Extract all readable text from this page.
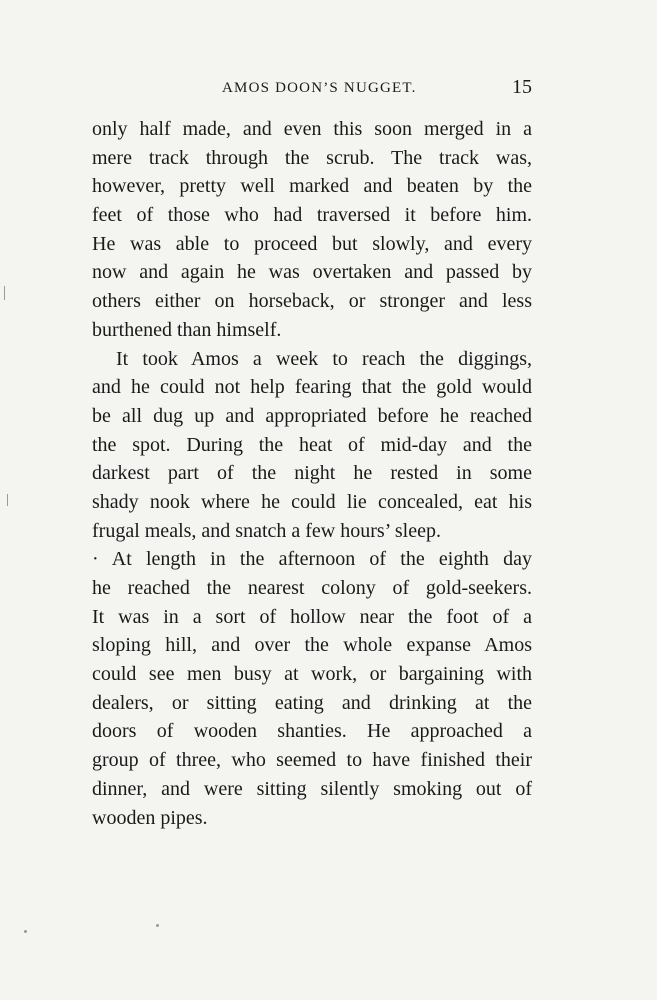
AMOS DOON’S NUGGET.	15
only half made, and even this soon merged in a
mere track through the scrub. The track was,
however, pretty well marked and beaten by the
feet of those who had traversed it before him.
He was able to proceed but slowly, and every
now and again he was overtaken and passed by
others either on horseback, or stronger and less
burthened than himself.
It took Amos a week to reach the diggings,
and he could not help fearing that the gold would
be all dug up and appropriated before he reached
the spot. During the heat of mid-day and the
darkest part of the night he rested in some
shady nook where he could lie concealed, eat his
frugal meals, and snatch a few hours’ sleep.
· At length in the afternoon of the eighth day
he reached the nearest colony of gold-seekers.
It was in a sort of hollow near the foot of a
sloping hill, and over the whole expanse Amos
could see men busy at work, or bargaining with
dealers, or sitting eating and drinking at the
doors of wooden shanties. He approached a
group of three, who seemed to have finished their
dinner, and were sitting silently smoking out of
wooden pipes.
